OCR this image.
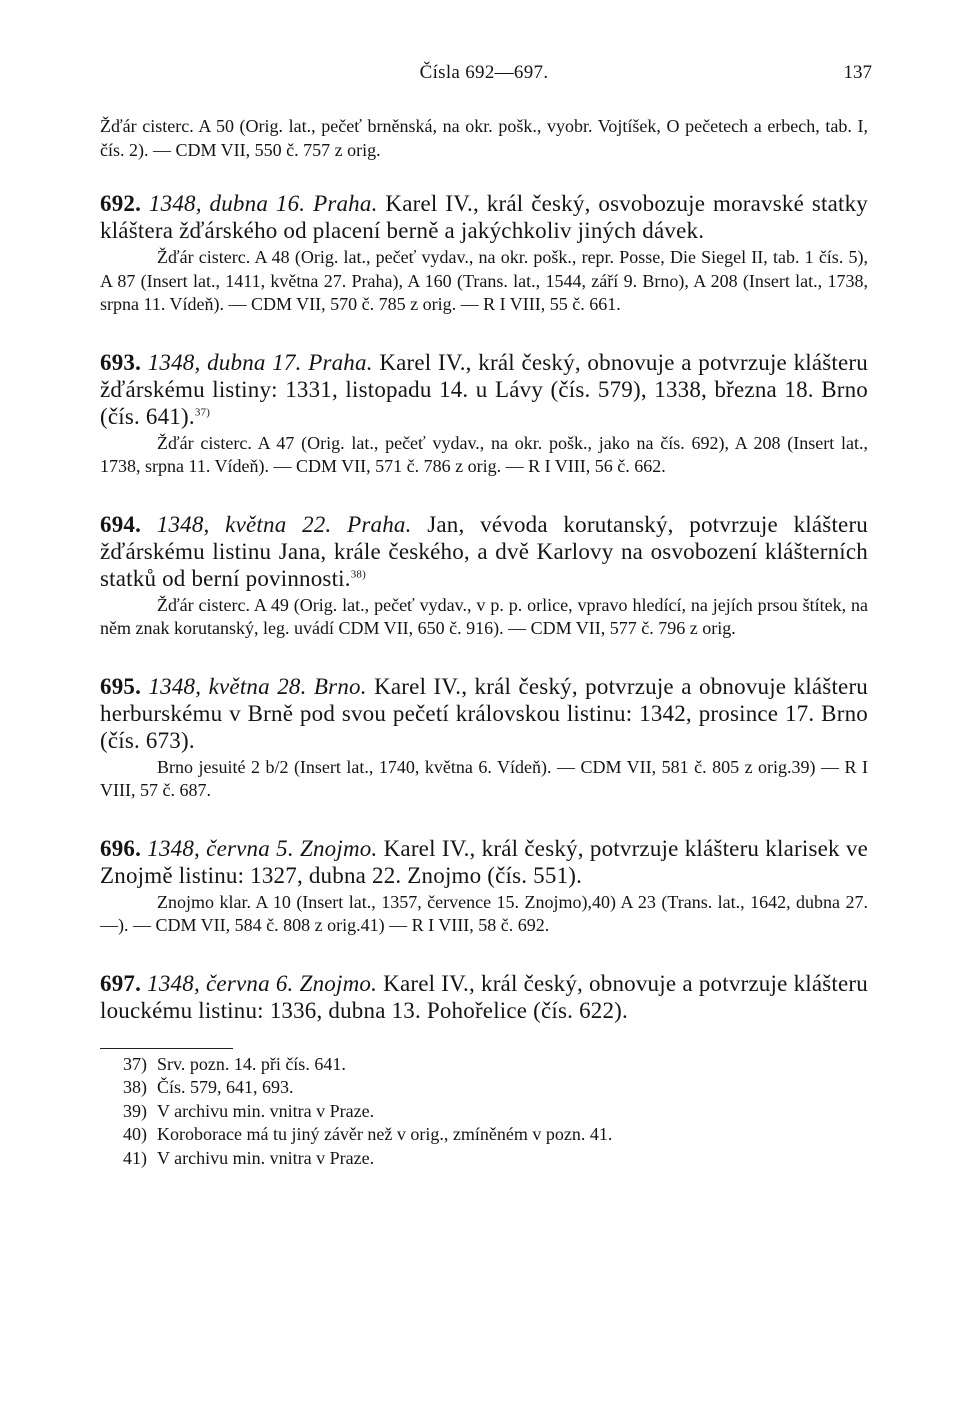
Čísla 692—697.	137

Žďár cisterc. A 50 (Orig. lat., pečeť brněnská, na okr. pošk., vyobr. Vojtíšek, O pečetech a erbech, tab. I, čís. 2). — CDM VII, 550 č. 757 z orig.

692. 1348, dubna 16. Praha. Karel IV., král český, osvobozuje moravské statky kláštera žďárského od placení berně a jakýchkoliv jiných dávek.

Žďár cisterc. A 48 (Orig. lat., pečeť vydav., na okr. pošk., repr. Posse, Die Siegel II, tab. 1 čís. 5), A 87 (Insert lat., 1411, května 27. Praha), A 160 (Trans. lat., 1544, září 9. Brno), A 208 (Insert lat., 1738, srpna 11. Vídeň). — CDM VII, 570 č. 785 z orig. — R I VIII, 55 č. 661.

693. 1348, dubna 17. Praha. Karel IV., král český, obnovuje a potvrzuje klášteru žďárskému listiny: 1331, listopadu 14. u Lávy (čís. 579), 1338, března 18. Brno (čís. 641).$^{37)}$

Žďár cisterc. A 47 (Orig. lat., pečeť vydav., na okr. pošk., jako na čís. 692), A 208 (Insert lat., 1738, srpna 11. Vídeň). — CDM VII, 571 č. 786 z orig. — R I VIII, 56 č. 662.

694. 1348, května 22. Praha. Jan, vévoda korutanský, potvrzuje klášteru žďárskému listinu Jana, krále českého, a dvě Karlovy na osvobození klášterních statků od berní povinnosti.$^{38)}$

Žďár cisterc. A 49 (Orig. lat., pečeť vydav., v p. p. orlice, vpravo hledící, na jejích prsou štítek, na něm znak korutanský, leg. uvádí CDM VII, 650 č. 916). — CDM VII, 577 č. 796 z orig.

695. 1348, května 28. Brno. Karel IV., král český, potvrzuje a obnovuje klášteru herburskému v Brně pod svou pečetí královskou listinu: 1342, prosince 17. Brno (čís. 673).

Brno jesuité 2 b/2 (Insert lat., 1740, května 6. Vídeň). — CDM VII, 581 č. 805 z orig.39) — R I VIII, 57 č. 687.

696. 1348, června 5. Znojmo. Karel IV., král český, potvrzuje klášteru klarisek ve Znojmě listinu: 1327, dubna 22. Znojmo (čís. 551).

Znojmo klar. A 10 (Insert lat., 1357, července 15. Znojmo),40) A 23 (Trans. lat., 1642, dubna 27. —). — CDM VII, 584 č. 808 z orig.41) — R I VIII, 58 č. 692.

697. 1348, června 6. Znojmo. Karel IV., král český, obnovuje a potvrzuje klášteru louckému listinu: 1336, dubna 13. Pohořelice (čís. 622).

37) Srv. pozn. 14. při čís. 641.
38) Čís. 579, 641, 693.
39) V archivu min. vnitra v Praze.
40) Koroborace má tu jiný závěr než v orig., zmíněném v pozn. 41.
41) V archivu min. vnitra v Praze.
